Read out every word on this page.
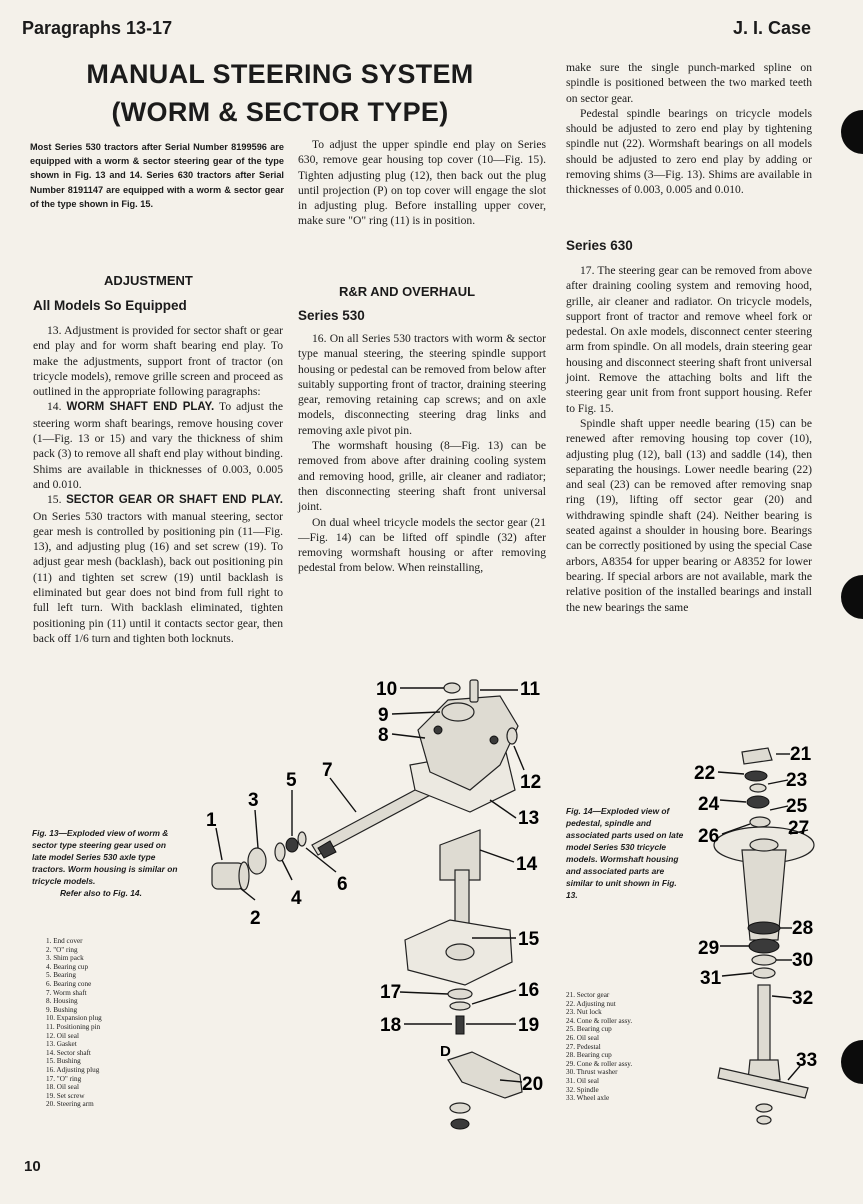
Paragraphs 13-17	J. I. Case
MANUAL STEERING SYSTEM
(WORM & SECTOR TYPE)
Most Series 530 tractors after Serial Number 8199596 are equipped with a worm & sector steering gear of the type shown in Fig. 13 and 14. Series 630 tractors after Serial Number 8191147 are equipped with a worm & sector gear of the type shown in Fig. 15.
ADJUSTMENT
All Models So Equipped

13. Adjustment is provided for sector shaft or gear end play and for worm shaft bearing end play. To make the adjustments, support front of tractor (on tricycle models), remove grille screen and proceed as outlined in the appropriate following paragraphs:

14. WORM SHAFT END PLAY. To adjust the steering worm shaft bearings, remove housing cover (1—Fig. 13 or 15) and vary the thickness of shim pack (3) to remove all shaft end play without binding. Shims are available in thicknesses of 0.003, 0.005 and 0.010.

15. SECTOR GEAR OR SHAFT END PLAY. On Series 530 tractors with manual steering, sector gear mesh is controlled by positioning pin (11—Fig. 13), and adjusting plug (16) and set screw (19). To adjust gear mesh (backlash), back out positioning pin (11) and tighten set screw (19) until backlash is eliminated but gear does not bind from full right to full left turn. With backlash eliminated, tighten positioning pin (11) until it contacts sector gear, then back off 1/6 turn and tighten both locknuts.

To adjust the upper spindle end play on Series 630, remove gear housing top cover (10—Fig. 15). Tighten adjusting plug (12), then back out the plug until projection (P) on top cover will engage the slot in adjusting plug. Before installing upper cover, make sure "O" ring (11) is in position.

R&R AND OVERHAUL
Series 530

16. On all Series 530 tractors with worm & sector type manual steering, the steering spindle support housing or pedestal can be removed from below after suitably supporting front of tractor, draining steering gear, removing retaining cap screws; and on axle models, disconnecting steering drag links and removing axle pivot pin.

The wormshaft housing (8—Fig. 13) can be removed from above after draining cooling system and removing hood, grille, air cleaner and radiator; then disconnecting steering shaft front universal joint.

On dual wheel tricycle models the sector gear (21—Fig. 14) can be lifted off spindle (32) after removing wormshaft housing or after removing pedestal from below. When reinstalling,

make sure the single punch-marked spline on spindle is positioned between the two marked teeth on sector gear.

Pedestal spindle bearings on tricycle models should be adjusted to zero end play by tightening spindle nut (22). Wormshaft bearings on all models should be adjusted to zero end play by adding or removing shims (3—Fig. 13). Shims are available in thicknesses of 0.003, 0.005 and 0.010.

Series 630

17. The steering gear can be removed from above after draining cooling system and removing hood, grille, air cleaner and radiator. On tricycle models, support front of tractor and remove wheel fork or pedestal. On axle models, disconnect center steering arm from spindle. On all models, drain steering gear housing and disconnect steering shaft front universal joint. Remove the attaching bolts and lift the steering gear unit from front support housing. Refer to Fig. 15.

Spindle shaft upper needle bearing (15) can be renewed after removing housing top cover (10), adjusting plug (12), ball (13) and saddle (14), then separating the housings. Lower needle bearing (22) and seal (23) can be removed after removing snap ring (19), lifting off sector gear (20) and withdrawing spindle shaft (24). Neither bearing is seated against a shoulder in housing bore. Bearings can be correctly positioned by using the special Case arbors, A8354 for upper bearing or A8352 for lower bearing. If special arbors are not available, mark the relative position of the installed bearings and install the new bearings the same

Fig. 13—Exploded view of worm & sector type steering gear used on late model Series 530 axle type tractors. Worm housing is similar on tricycle models.
Refer also to Fig. 14.
1. End cover
2. "O" ring
3. Shim pack
4. Bearing cup
5. Bearing
6. Bearing cone
7. Worm shaft
8. Housing
9. Bushing
10. Expansion plug
11. Positioning pin
12. Oil seal
13. Gasket
14. Sector shaft
15. Bushing
16. Adjusting plug
17. "O" ring
18. Oil seal
19. Set screw
20. Steering arm
Fig. 14—Exploded view of pedestal, spindle and associated parts used on late model Series 530 tricycle models. Wormshaft housing and associated parts are similar to unit shown in Fig. 13.
21. Sector gear
22. Adjusting nut
23. Nut lock
24. Cone & roller assy.
25. Bearing cup
26. Oil seal
27. Pedestal
28. Bearing cup
29. Cone & roller assy.
30. Thrust washer
31. Oil seal
32. Spindle
33. Wheel axle
1
2
3
4
5
6
7
8
9
10	11
12
13
14
15
16
17
18	19
20
D
21
22	23
24	25
26	27
28
29
30
31
32
33
10
